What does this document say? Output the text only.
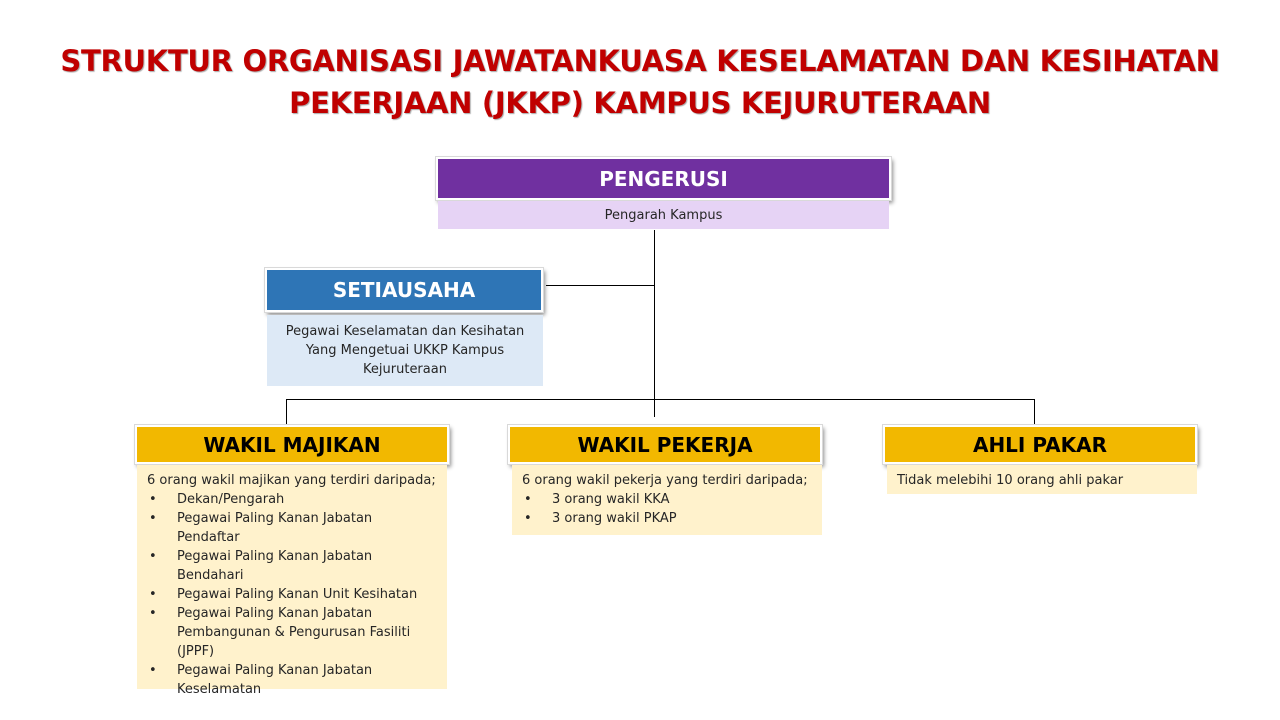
STRUKTUR ORGANISASI JAWATANKUASA KESELAMATAN DAN KESIHATAN
PEKERJAAN (JKKP) KAMPUS KEJURUTERAAN
PENGERUSI
Pengarah Kampus
SETIAUSAHA
Pegawai Keselamatan dan Kesihatan
Yang Mengetuai UKKP Kampus
Kejuruteraan
WAKIL MAJIKAN
6 orang wakil majikan yang terdiri daripada;
• Dekan/Pengarah
• Pegawai Paling Kanan Jabatan Pendaftar
• Pegawai Paling Kanan Jabatan Bendahari
• Pegawai Paling Kanan Unit Kesihatan
• Pegawai Paling Kanan Jabatan Pembangunan & Pengurusan Fasiliti (JPPF)
• Pegawai Paling Kanan Jabatan Keselamatan
WAKIL PEKERJA
6 orang wakil pekerja yang terdiri daripada;
• 3 orang wakil KKA
• 3 orang wakil PKAP
AHLI PAKAR
Tidak melebihi 10 orang ahli pakar
